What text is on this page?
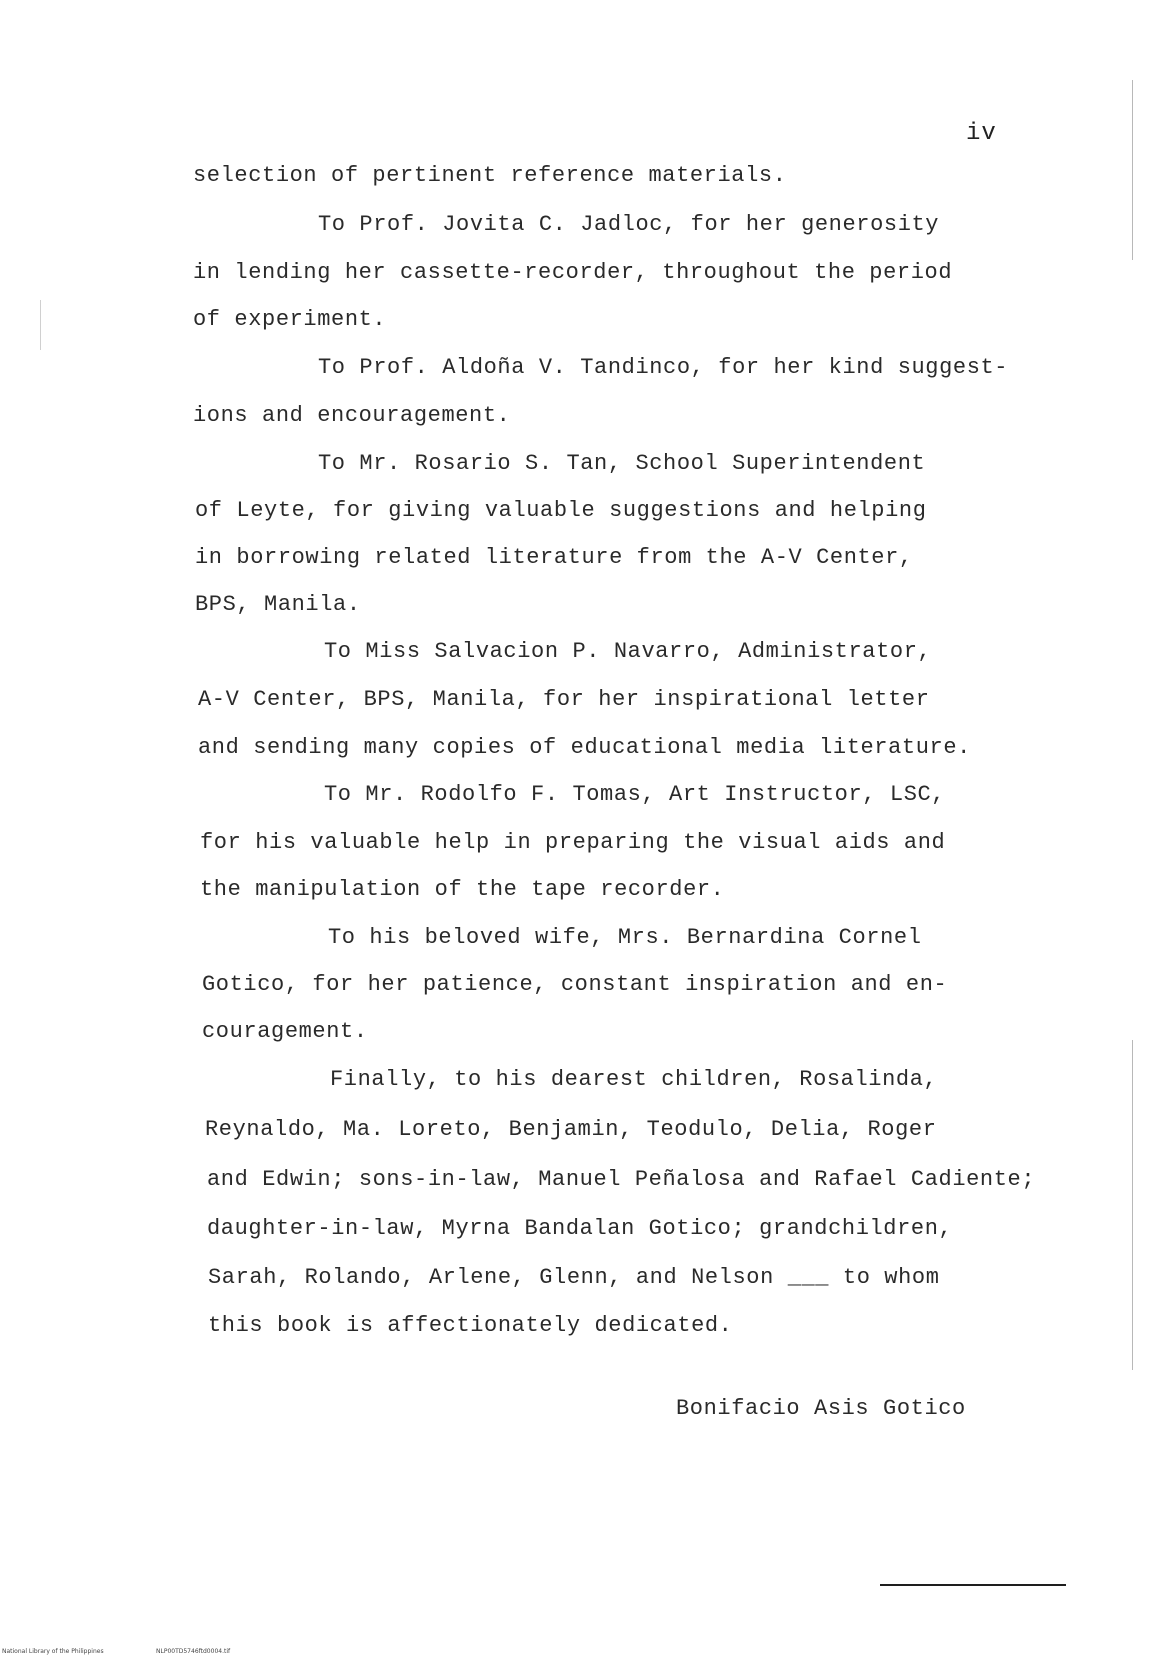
iv
selection of pertinent reference materials.
To Prof. Jovita C. Jadloc, for her generosity
in lending her cassette-recorder, throughout the period
of experiment.
To Prof. Aldoña V. Tandinco, for her kind suggest-
ions and encouragement.
To Mr. Rosario S. Tan, School Superintendent
of Leyte, for giving valuable suggestions and helping
in borrowing related literature from the A-V Center,
BPS, Manila.
To Miss Salvacion P. Navarro, Administrator,
A-V Center, BPS, Manila, for her inspirational letter
and sending many copies of educational media literature.
To Mr. Rodolfo F. Tomas, Art Instructor, LSC,
for his valuable help in preparing the visual aids and
the manipulation of the tape recorder.
To his beloved wife, Mrs. Bernardina Cornel
Gotico, for her patience, constant inspiration and en-
couragement.
Finally, to his dearest children, Rosalinda,
Reynaldo, Ma. Loreto, Benjamin, Teodulo, Delia, Roger
and Edwin; sons-in-law, Manuel Peñalosa and Rafael Cadiente;
daughter-in-law, Myrna Bandalan Gotico; grandchildren,
Sarah, Rolando, Arlene, Glenn, and Nelson ___ to whom
this book is affectionately dedicated.
Bonifacio Asis Gotico
National Library of the Philippines	NLP00TD5746ftd0004.tif
